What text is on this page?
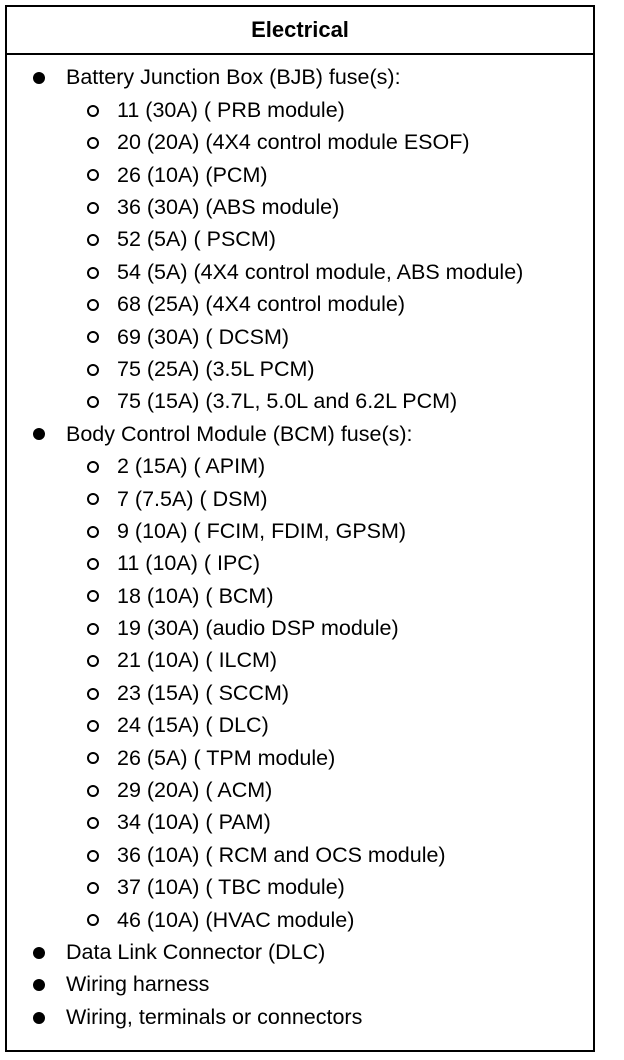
Electrical
Battery Junction Box (BJB) fuse(s):
11 (30A) ( PRB module)
20 (20A) (4X4 control module ESOF)
26 (10A) (PCM)
36 (30A) (ABS module)
52 (5A) ( PSCM)
54 (5A) (4X4 control module, ABS module)
68 (25A) (4X4 control module)
69 (30A) ( DCSM)
75 (25A) (3.5L PCM)
75 (15A) (3.7L, 5.0L and 6.2L PCM)
Body Control Module (BCM) fuse(s):
2 (15A) ( APIM)
7 (7.5A) ( DSM)
9 (10A) ( FCIM, FDIM, GPSM)
11 (10A) ( IPC)
18 (10A) ( BCM)
19 (30A) (audio DSP module)
21 (10A) ( ILCM)
23 (15A) ( SCCM)
24 (15A) ( DLC)
26 (5A) ( TPM module)
29 (20A) ( ACM)
34 (10A) ( PAM)
36 (10A) ( RCM and OCS module)
37 (10A) ( TBC module)
46 (10A) (HVAC module)
Data Link Connector (DLC)
Wiring harness
Wiring, terminals or connectors
